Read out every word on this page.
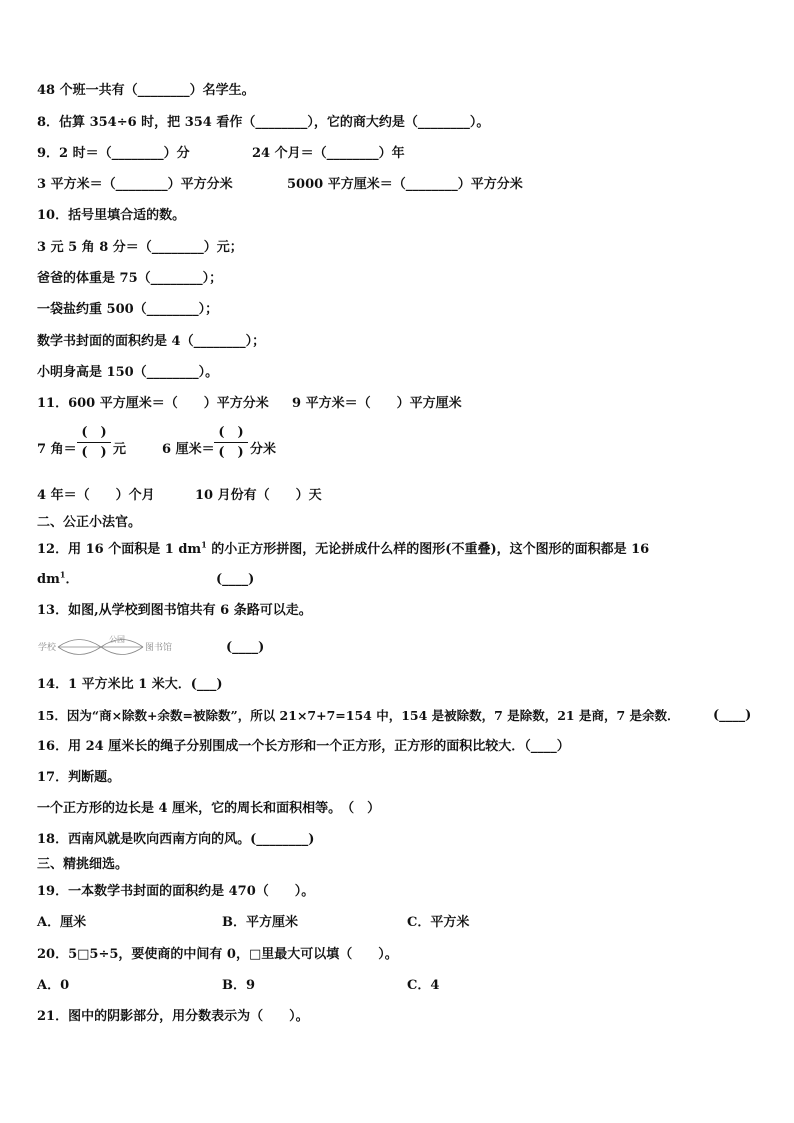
48 个班一共有（________）名学生。
8．估算 354÷6 时，把 354 看作（________），它的商大约是（________）。
9．2 时＝（________）分	24 个月＝（________）年
3 平方米＝（________）平方分米	5000 平方厘米＝（________）平方分米
10．括号里填合适的数。
3 元 5 角 8 分＝（________）元；
爸爸的体重是 75（________）；
一袋盐约重 500（________）；
数学书封面的面积约是 4（________）；
小明身高是 150（________）。
11．600 平方厘米＝（　　）平方分米 9 平方米＝（　　）平方厘米
7 角＝
(　)
(　) 元	6 厘米＝
(　)
(　) 分米
4 年＝（　　）个月	10 月份有（　　）天
二、公正小法官。
12．用 16 个面积是 1 $dm^1$ 的小正方形拼图，无论拼成什么样的图形(不重叠)，这个图形的面积都是 16
$dm^1$．	(____)
13．如图,从学校到图书馆共有 6 条路可以走。
学校
公园
图书馆	(____)
14．1 平方米比 1 米大．(___)
15．因为“商×除数+余数=被除数”，所以 21×7+7=154 中，154 是被除数，7 是除数，21 是商，7 是余数．	(____)
16．用 24 厘米长的绳子分别围成一个长方形和一个正方形，正方形的面积比较大．（____）
17．判断题。
一个正方形的边长是 4 厘米，它的周长和面积相等。　（　）
18．西南风就是吹向西南方向的风。(________)
三、精挑细选。
19．一本数学书封面的面积约是 470（　　）。
A．厘米	B．平方厘米	C．平方米
20．5□5÷5，要使商的中间有 0，□里最大可以填（　　）。
A．0	B．9	C．4
21．图中的阴影部分，用分数表示为（　　）。
